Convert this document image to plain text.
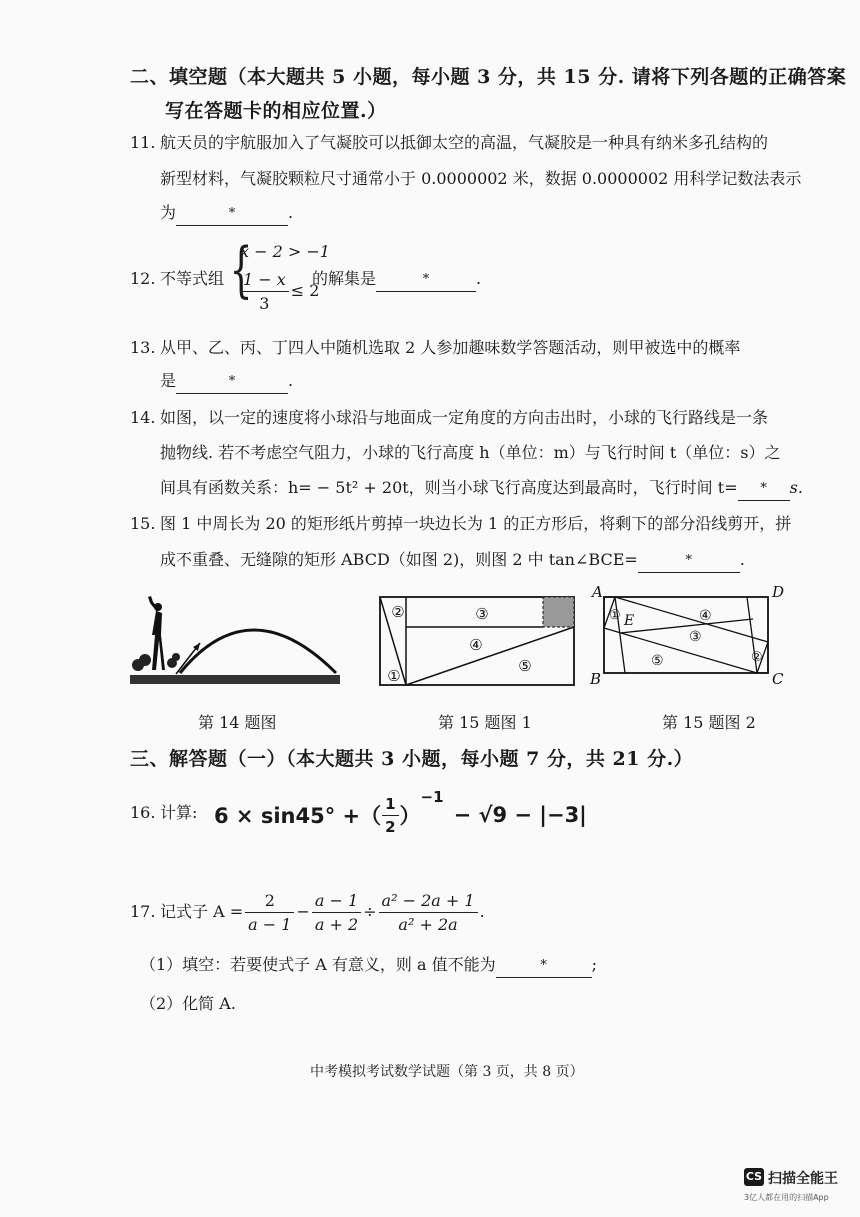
二、填空题（本大题共 5 小题，每小题 3 分，共 15 分. 请将下列各题的正确答案
写在答题卡的相应位置.）
11. 航天员的宇航服加入了气凝胶可以抵御太空的高温，气凝胶是一种具有纳米多孔结构的
新型材料，气凝胶颗粒尺寸通常小于 0.0000002 米，数据 0.0000002 用科学记数法表示
为	*	.
12. 不等式组 {
x − 2 > −1
$\frac{1 - x}{3} \le 2$
的解集是	*	.
13. 从甲、乙、丙、丁四人中随机选取 2 人参加趣味数学答题活动，则甲被选中的概率
是	*	.
14. 如图，以一定的速度将小球沿与地面成一定角度的方向击出时，小球的飞行路线是一条
抛物线. 若不考虑空气阻力，小球的飞行高度 h（单位：m）与飞行时间 t（单位：s）之
间具有函数关系：h= − 5t² + 20t，则当小球飞行高度达到最高时，飞行时间 t= * s.
15. 图 1 中周长为 20 的矩形纸片剪掉一块边长为 1 的正方形后，将剩下的部分沿线剪开，拼
成不重叠、无缝隙的矩形 ABCD（如图 2)，则图 2 中 tan∠BCE=	*	.
②	③
④
⑤
①
A	D
B	C
E
①	④
③
⑤	②
第 14 题图	第 15 题图 1	第 15 题图 2
三、解答题（一）（本大题共 3 小题，每小题 7 分，共 21 分.）
16. 计算: 6 × sin45° +（ $\frac{1}{2}$ ）
−1
− √9 − |−3|
17. 记式子 $A = \frac{2}{a - 1} - \frac{a - 1}{a + 2} \div \frac{\text{a² − 2a + 1}}{\text{a² + 2a}}$ .
（1）填空：若要使式子 A 有意义，则 a 值不能为	*	;
（2）化简 A.
中考模拟考试数学试题（第 3 页，共 8 页）
CS 扫描全能王
3亿人都在用的扫描App
